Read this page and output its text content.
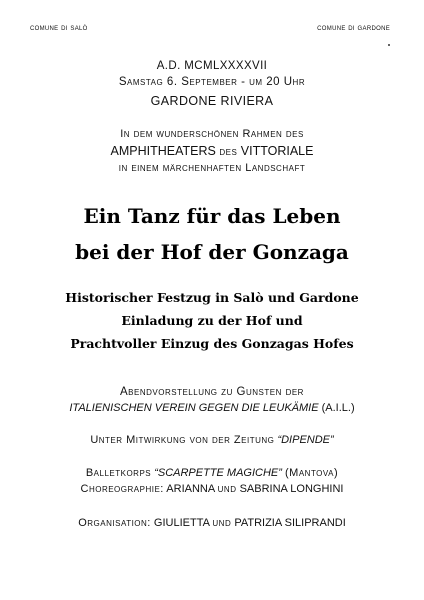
comune di salò	comune di gardone
A.D. MCMLXXXXVII
Samstag 6. September - um 20 Uhr
GARDONE RIVIERA
In dem wunderschönen Rahmen des
AMPHITHEATERS des VITTORIALE
in einem märchenhaften Landschaft
Ein Tanz für das Leben
bei der Hof der Gonzaga
Historischer Festzug in Salò und Gardone
Einladung zu der Hof und
Prachtvoller Einzug des Gonzagas Hofes
Abendvorstellung zu Gunsten der
ITALIENISCHEN VEREIN GEGEN DIE LEUKÄMIE (A.I.L.)
Unter Mitwirkung von der Zeitung “DIPENDE”
Balletkorps “SCARPETTE MAGICHE” (Mantova)
Choreographie: ARIANNA und SABRINA LONGHINI
Organisation: GIULIETTA und PATRIZIA SILIPRANDI
